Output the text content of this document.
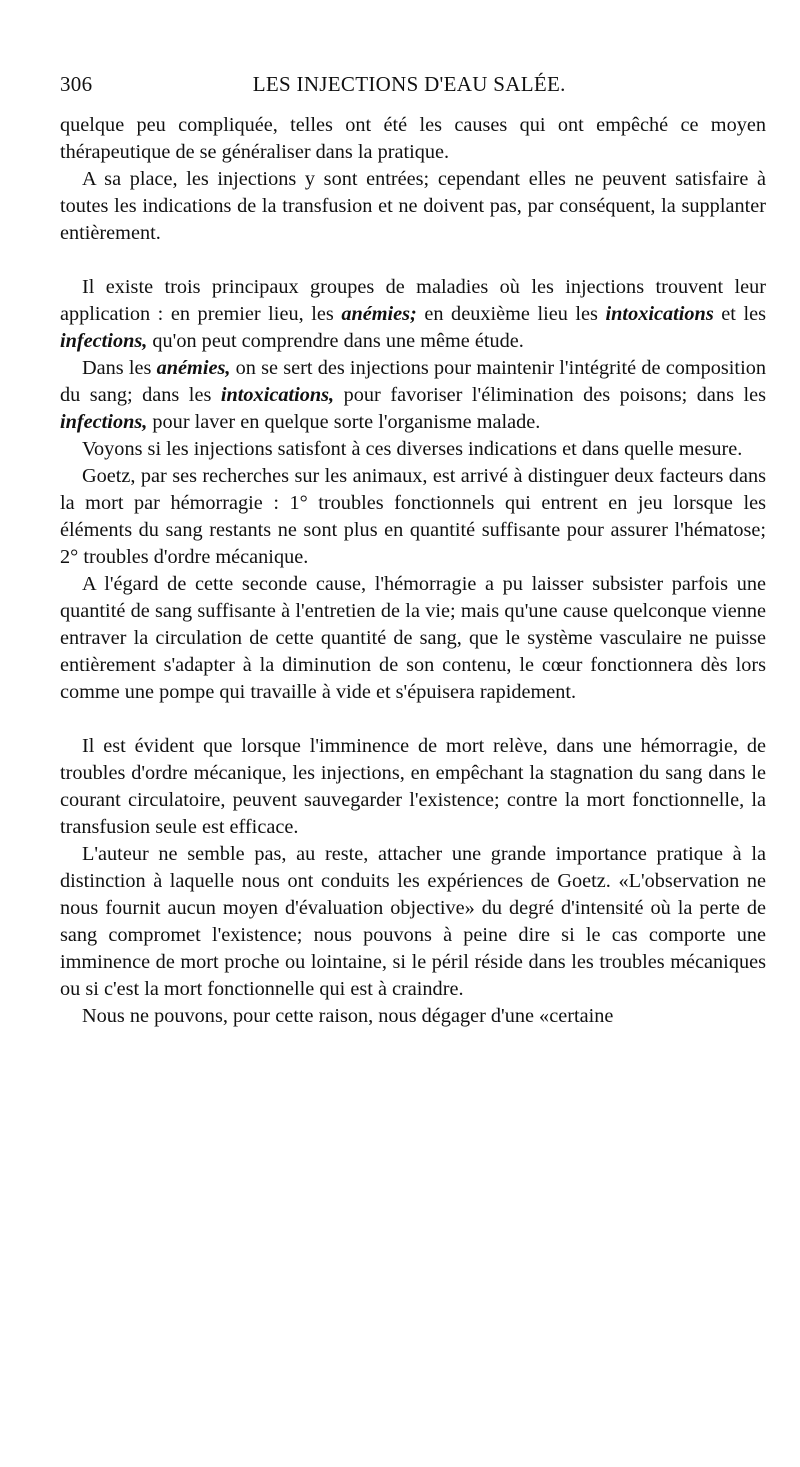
306	LES INJECTIONS D'EAU SALÉE.

quelque peu compliquée, telles ont été les causes qui ont empêché ce moyen thérapeutique de se généraliser dans la pratique.

A sa place, les injections y sont entrées; cependant elles ne peuvent satisfaire à toutes les indications de la transfusion et ne doivent pas, par conséquent, la supplanter entièrement.

Il existe trois principaux groupes de maladies où les injections trouvent leur application : en premier lieu, les anémies; en deuxième lieu les intoxications et les infections, qu'on peut comprendre dans une même étude.

Dans les anémies, on se sert des injections pour maintenir l'intégrité de composition du sang; dans les intoxications, pour favoriser l'élimination des poisons; dans les infections, pour laver en quelque sorte l'organisme malade.

Voyons si les injections satisfont à ces diverses indications et dans quelle mesure.

Goetz, par ses recherches sur les animaux, est arrivé à distinguer deux facteurs dans la mort par hémorragie : 1° troubles fonctionnels qui entrent en jeu lorsque les éléments du sang restants ne sont plus en quantité suffisante pour assurer l'hématose; 2° troubles d'ordre mécanique.

A l'égard de cette seconde cause, l'hémorragie a pu laisser subsister parfois une quantité de sang suffisante à l'entretien de la vie; mais qu'une cause quelconque vienne entraver la circulation de cette quantité de sang, que le système vasculaire ne puisse entièrement s'adapter à la diminution de son contenu, le cœur fonctionnera dès lors comme une pompe qui travaille à vide et s'épuisera rapidement.

Il est évident que lorsque l'imminence de mort relève, dans une hémorragie, de troubles d'ordre mécanique, les injections, en empêchant la stagnation du sang dans le courant circulatoire, peuvent sauvegarder l'existence; contre la mort fonctionnelle, la transfusion seule est efficace.

L'auteur ne semble pas, au reste, attacher une grande importance pratique à la distinction à laquelle nous ont conduits les expériences de Goetz. «L'observation ne nous fournit aucun moyen d'évaluation objective» du degré d'intensité où la perte de sang compromet l'existence; nous pouvons à peine dire si le cas comporte une imminence de mort proche ou lointaine, si le péril réside dans les troubles mécaniques ou si c'est la mort fonctionnelle qui est à craindre.

Nous ne pouvons, pour cette raison, nous dégager d'une «certaine
